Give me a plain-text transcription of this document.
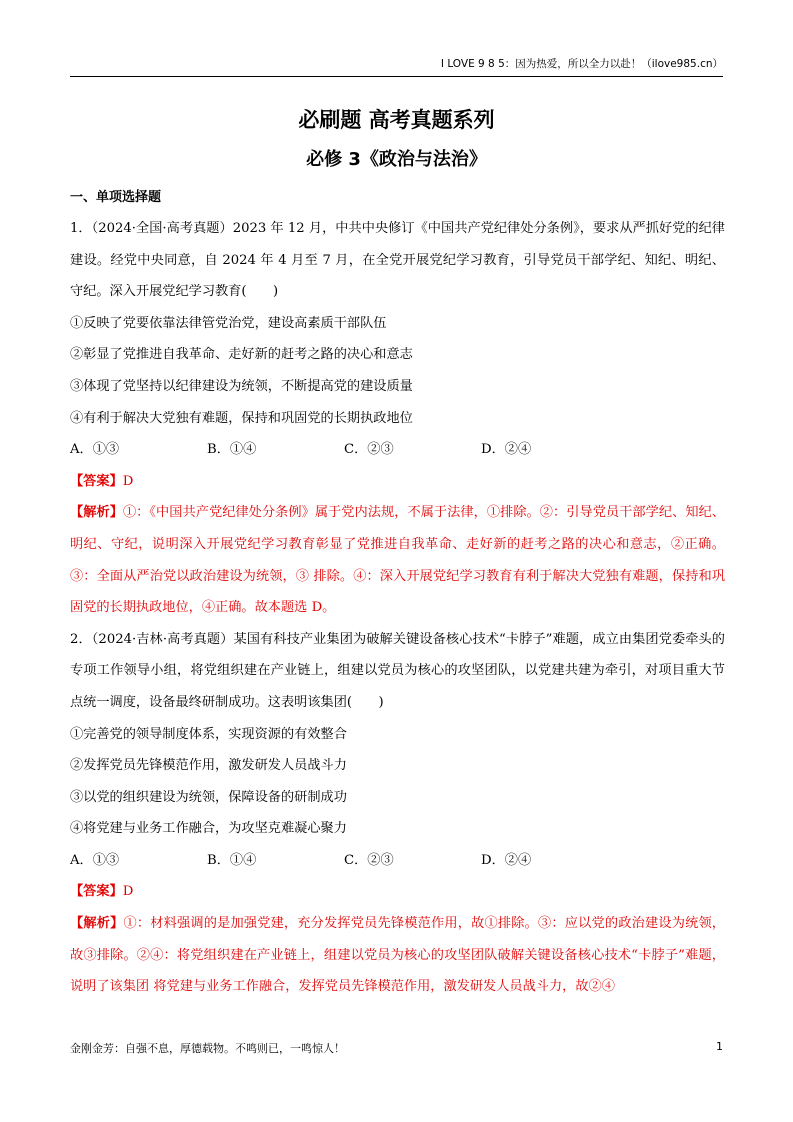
I LOVE 9 8 5：因为热爱，所以全力以赴！（ilove985.cn）
必刷题 高考真题系列
必修 3《政治与法治》
一、单项选择题

1．（2024·全国·高考真题）2023 年 12 月，中共中央修订《中国共产党纪律处分条例》，要求从严抓好党的纪律建设。经党中央同意，自 2024 年 4 月至 7 月，在全党开展党纪学习教育，引导党员干部学纪、知纪、明纪、守纪。深入开展党纪学习教育(　　)

①反映了党要依靠法律管党治党，建设高素质干部队伍

②彰显了党推进自我革命、走好新的赶考之路的决心和意志

③体现了党坚持以纪律建设为统领，不断提高党的建设质量

④有利于解决大党独有难题，保持和巩固党的长期执政地位

A．①③	B．①④	C．②③	D．②④

【答案】D

【解析】①：《中国共产党纪律处分条例》属于党内法规，不属于法律，①排除。②：引导党员干部学纪、知纪、明纪、守纪，说明深入开展党纪学习教育彰显了党推进自我革命、走好新的赶考之路的决心和意志，②正确。③：全面从严治党以政治建设为统领，③ 排除。④：深入开展党纪学习教育有利于解决大党独有难题，保持和巩固党的长期执政地位，④正确。故本题选 D。

2．（2024·吉林·高考真题）某国有科技产业集团为破解关键设备核心技术“卡脖子”难题，成立由集团党委牵头的专项工作领导小组，将党组织建在产业链上，组建以党员为核心的攻坚团队，以党建共建为牵引，对项目重大节点统一调度，设备最终研制成功。这表明该集团(　　)

①完善党的领导制度体系，实现资源的有效整合

②发挥党员先锋模范作用，激发研发人员战斗力

③以党的组织建设为统领，保障设备的研制成功

④将党建与业务工作融合，为攻坚克难凝心聚力

A．①③	B．①④	C．②③	D．②④

【答案】D

【解析】①：材料强调的是加强党建，充分发挥党员先锋模范作用，故①排除。③：应以党的政治建设为统领，故③排除。②④：将党组织建在产业链上，组建以党员为核心的攻坚团队破解关键设备核心技术“卡脖子”难题，说明了该集团 将党建与业务工作融合，发挥党员先锋模范作用，激发研发人员战斗力，故②④

金刚金芳：自强不息，厚德载物。不鸣则已，一鸣惊人！	1
